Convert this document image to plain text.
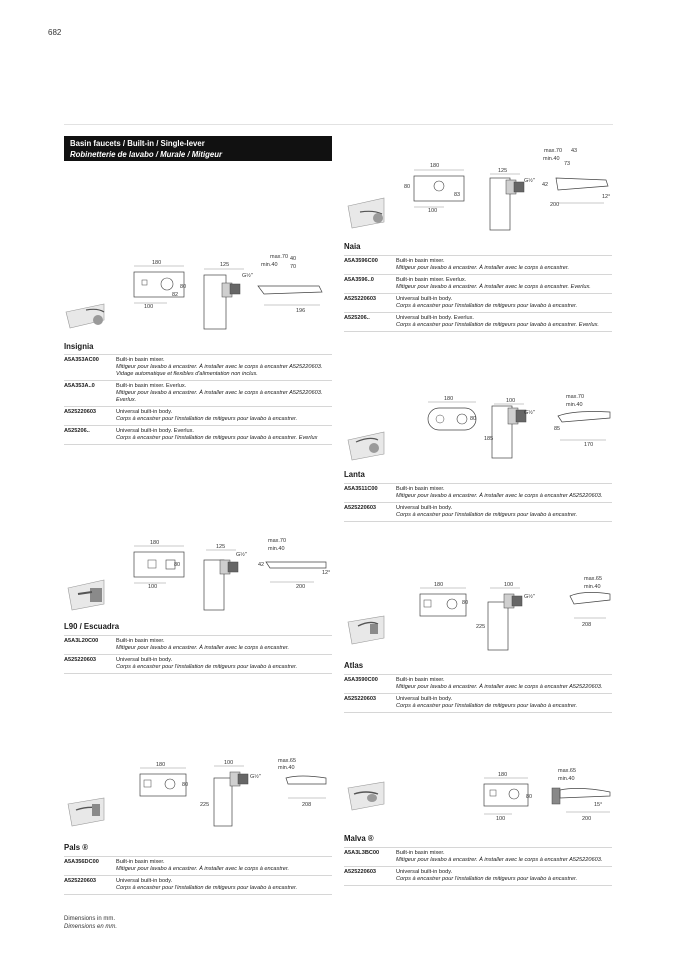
682
Basin faucets / Built-in / Single-lever
Robinetterie de lavabo / Murale / Mitigeur
180
100
80
82
125
G½"
196
max.70
min.40
40
70
Insignia
A5A353AC00	Built-in basin mixer.
Mitigeur pour lavabo à encastrer. À installer avec le corps à encastrer A525220603. Vidage automatique et flexibles d'alimentation non inclus.
A5A353A..0	Built-in basin mixer. Everlux.
Mitigeur pour lavabo à encastrer. À installer avec le corps à encastrer A525220603. Everlux.
A525220603	Universal built-in body.
Corps à encastrer pour l'installation de mitigeurs pour lavabo à encastrer.
A525206..	Universal built-in body. Everlux.
Corps à encastrer pour l'installation de mitigeurs pour lavabo à encastrer. Everlux
180
80
100
83
125
G½"
200
12°
max.70 43
min.40
73
42
Naia
A5A3596C00	Built-in basin mixer.
Mitigeur pour lavabo à encastrer. À installer avec le corps à encastrer.
A5A3596..0	Built-in basin mixer. Everlux.
Mitigeur pour lavabo à encastrer. À installer avec le corps à encastrer. Everlux.
A525220603	Universal built-in body.
Corps à encastrer pour l'installation de mitigeurs pour lavabo à encastrer.
A525206..	Universal built-in body. Everlux.
Corps à encastrer pour l'installation de mitigeurs pour lavabo à encastrer. Everlux.
180
80
100
185
G½"
170
max.70
min.40
85
Lanta
A5A3511C00	Built-in basin mixer.
Mitigeur pour lavabo à encastrer. À installer avec le corps à encastrer A525220603.
A525220603	Universal built-in body.
Corps à encastrer pour l'installation de mitigeurs pour lavabo à encastrer.
180
80
100
125
G½"
200
12°
max.70
min.40
42
L90 / Escuadra
A5A3L20C00	Built-in basin mixer.
Mitigeur pour lavabo à encastrer. À installer avec le corps à encastrer.
A525220603	Universal built-in body.
Corps à encastrer pour l'installation de mitigeurs pour lavabo à encastrer.
180
80
100
225
G½"
208
max.65
min.40
Atlas
A5A3590C00	Built-in basin mixer.
Mitigeur pour lavabo à encastrer. À installer avec le corps à encastrer A525220603.
A525220603	Universal built-in body.
Corps à encastrer pour l'installation de mitigeurs pour lavabo à encastrer.
180
80
100
225
G½"
208
max.65
min.40
Pals ®
A5A356DC00	Built-in basin mixer.
Mitigeur pour lavabo à encastrer. À installer avec le corps à encastrer.
A525220603	Universal built-in body.
Corps à encastrer pour l'installation de mitigeurs pour lavabo à encastrer.
180
80
100	200
15°
max.65
min.40
Malva ®
A5A3L3BC00	Built-in basin mixer.
Mitigeur pour lavabo à encastrer. À installer avec le corps à encastrer A525220603.
A525220603	Universal built-in body.
Corps à encastrer pour l'installation de mitigeurs pour lavabo à encastrer.
Dimensions in mm.
Dimensions en mm.
